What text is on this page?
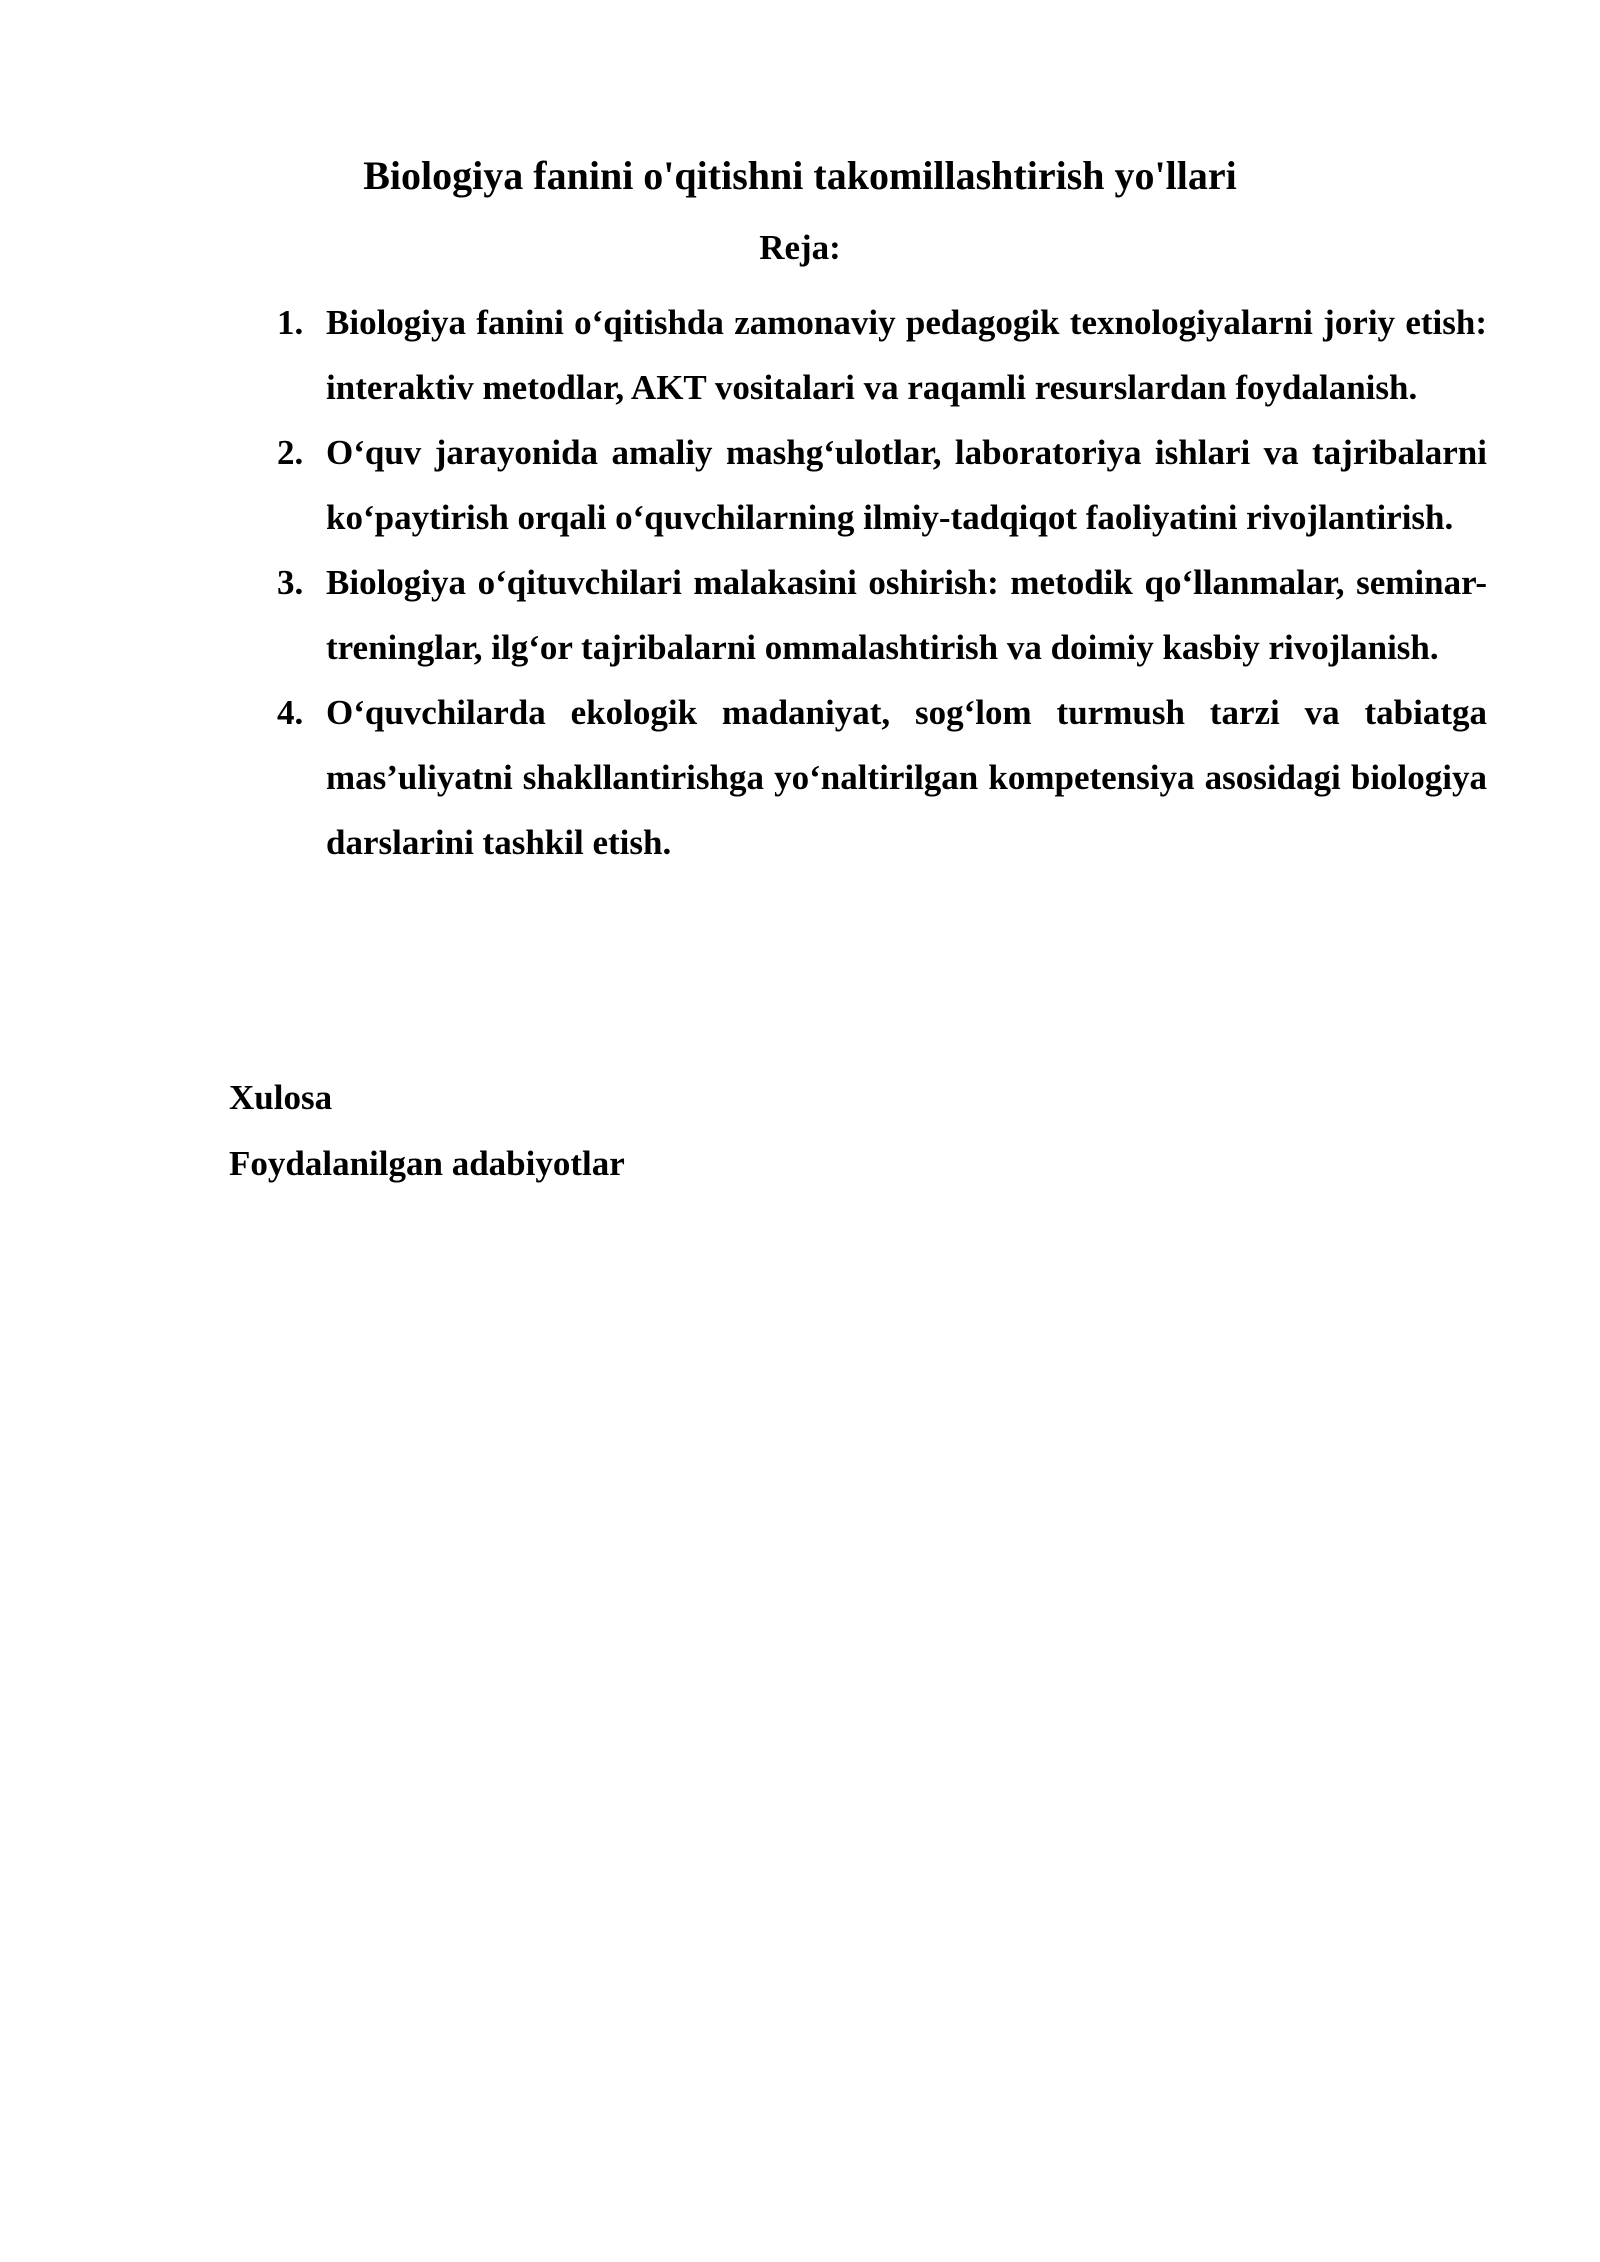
Biologiya fanini o'qitishni takomillashtirish yo'llari
Reja:
1. Biologiya fanini o‘qitishda zamonaviy pedagogik texnologiyalarni joriy etish: interaktiv metodlar, AKT vositalari va raqamli resurslardan foydalanish.
2. O‘quv jarayonida amaliy mashg‘ulotlar, laboratoriya ishlari va tajribalarni ko‘paytirish orqali o‘quvchilarning ilmiy-tadqiqot faoliyatini rivojlantirish.
3. Biologiya o‘qituvchilari malakasini oshirish: metodik qo‘llanmalar, seminar-treninglar, ilg‘or tajribalarni ommalashtirish va doimiy kasbiy rivojlanish.
4. O‘quvchilarda ekologik madaniyat, sog‘lom turmush tarzi va tabiatga mas’uliyatni shakllantirishga yo‘naltirilgan kompetensiya asosidagi biologiya darslarini tashkil etish.
Xulosa
Foydalanilgan adabiyotlar
